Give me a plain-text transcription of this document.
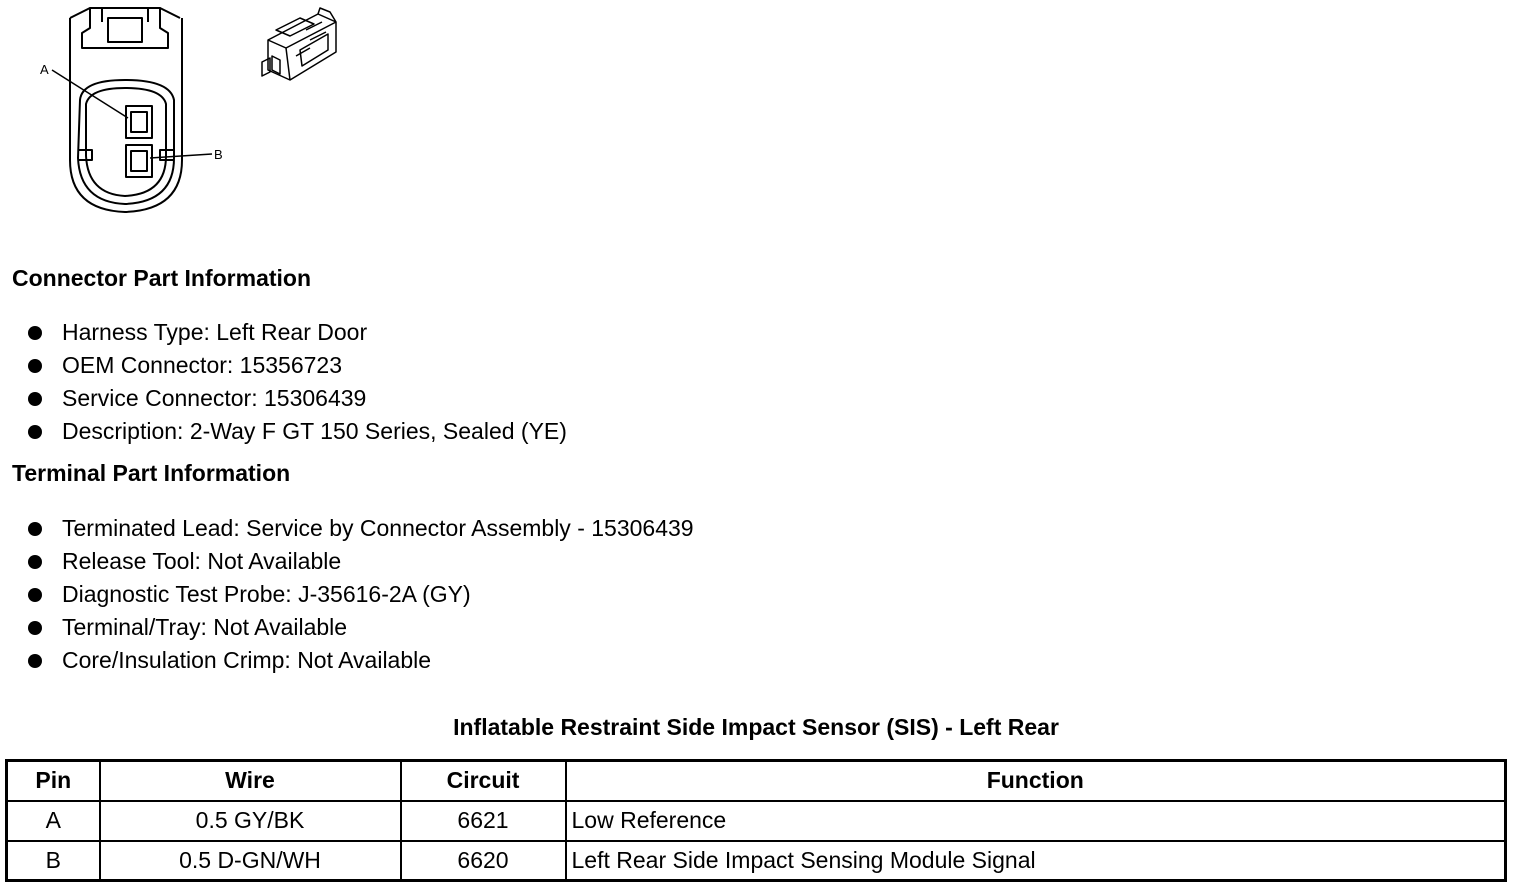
A
B
Connector Part Information
Harness Type: Left Rear Door
OEM Connector: 15356723
Service Connector: 15306439
Description: 2-Way F GT 150 Series, Sealed (YE)
Terminal Part Information
Terminated Lead: Service by Connector Assembly - 15306439
Release Tool: Not Available
Diagnostic Test Probe: J-35616-2A (GY)
Terminal/Tray: Not Available
Core/Insulation Crimp: Not Available
Inflatable Restraint Side Impact Sensor (SIS) - Left Rear
Pin	Wire	Circuit	Function
A	0.5 GY/BK	6621	Low Reference
B	0.5 D-GN/WH	6620	Left Rear Side Impact Sensing Module Signal
